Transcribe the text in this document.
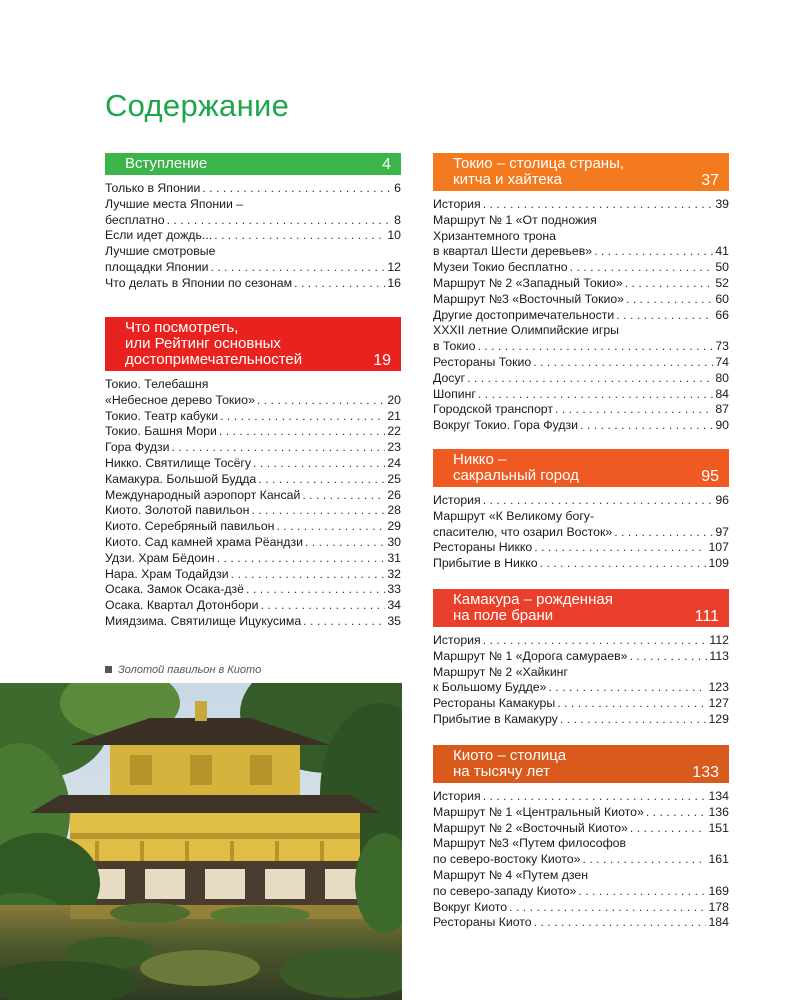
Содержание
Вступление	4
Только в Японии . . .	6
Лучшие места Японии –
бесплатно . . .	8
Если идет дождь... . . .	10
Лучшие смотровые
площадки Японии . . .	12
Что делать в Японии по сезонам . . .	16
Что посмотреть,
или Рейтинг основных
достопримечательностей	19
Токио. Телебашня
«Небесное дерево Токио» . . .	20
Токио. Театр кабуки . . .	21
Токио. Башня Мори . . .	22
Гора Фудзи . . .	23
Никко. Святилище Тосёгу . . .	24
Камакура. Большой Будда . . .	25
Международный аэропорт Кансай . . .	26
Киото. Золотой павильон . . .	28
Киото. Серебряный павильон . . .	29
Киото. Сад камней храма Рёандзи . . .	30
Удзи. Храм Бёдоин . . .	31
Нара. Храм Тодайдзи . . .	32
Осака. Замок Осака-дзё . . .	33
Осака. Квартал Дотонбори . . .	34
Миядзима. Святилище Ицукусима . . .	35
Золотой павильон в Киото
Токио – столица страны,
китча и хайтека	37
История . . .	39
Маршрут № 1 «От подножия
Хризантемного трона
в квартал Шести деревьев» . . .	41
Музеи Токио бесплатно . . .	50
Маршрут № 2 «Западный Токио» . . .	52
Маршрут №3 «Восточный Токио» . . .	60
Другие достопримечательности . . .	66
XXXII летние Олимпийские игры
в Токио . . .	73
Рестораны Токио . . .	74
Досуг . . .	80
Шопинг . . .	84
Городской транспорт . . .	87
Вокруг Токио. Гора Фудзи . . .	90
Никко –
сакральный город	95
История . . .	96
Маршрут «К Великому богу-
спасителю, что озарил Восток» . . .	97
Рестораны Никко . . .	107
Прибытие в Никко . . .	109
Камакура – рожденная
на поле брани	111
История . . .	112
Маршрут № 1 «Дорога самураев» . . .	113
Маршрут № 2 «Хайкинг
к Большому Будде» . . .	123
Рестораны Камакуры . . .	127
Прибытие в Камакуру . . .	129
Киото – столица
на тысячу лет	133
История . . .	134
Маршрут № 1 «Центральный Киото» . . .	136
Маршрут № 2 «Восточный Киото» . . .	151
Маршрут №3 «Путем философов
по северо-востоку Киото» . . .	161
Маршрут № 4 «Путем дзен
по северо-западу Киото» . . .	169
Вокруг Киото . . .	178
Рестораны Киото . . .	184
